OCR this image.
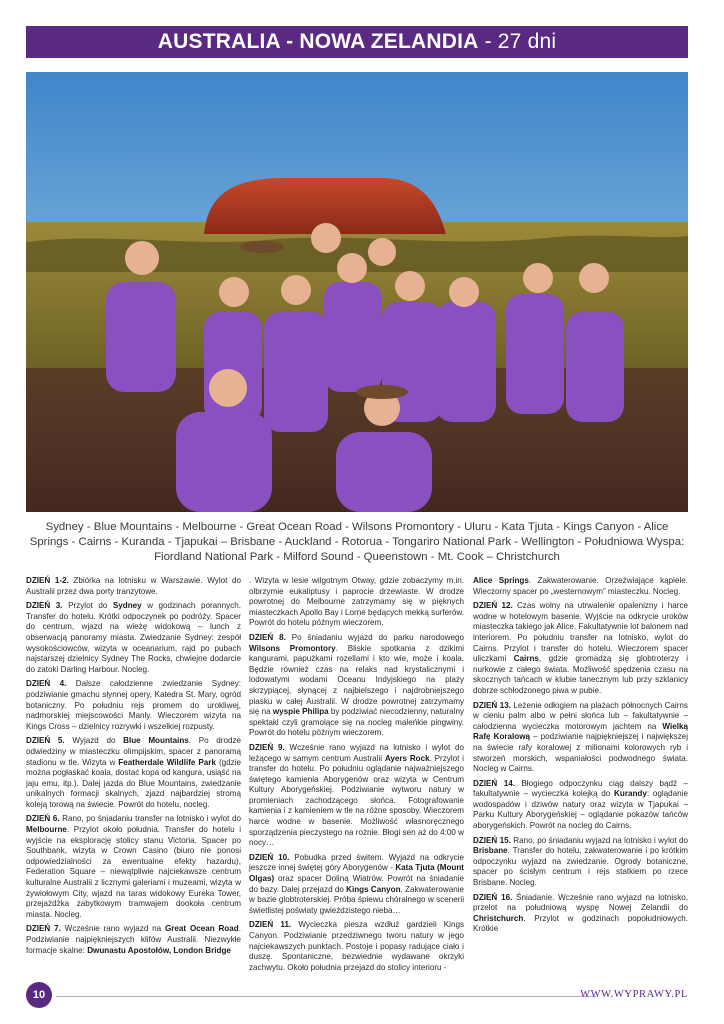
AUSTRALIA - NOWA ZELANDIA - 27 dni
Sydney - Blue Mountains - Melbourne - Great Ocean Road - Wilsons Promontory - Uluru - Kata Tjuta - Kings Canyon - Alice Springs - Cairns - Kuranda - Tjapukai – Brisbane - Auckland - Rotorua - Tongariro National Park - Wellington - Południowa Wyspa: Fiordland National Park - Milford Sound - Queenstown - Mt. Cook – Christchurch

DZIEŃ 1-2. Zbiórka na lotnisku w Warszawie. Wylot do Australii przez dwa porty tranzytowe.

DZIEŃ 3. Przylot do Sydney w godzinach porannych. Transfer do hotelu. Krótki odpoczynek po podróży. Spacer do centrum, wjazd na wieżę widokową – lunch z obserwacją panoramy miasta. Zwiedzanie Sydney: zespół wysokościowców, wizyta w oceanarium, rajd po pubach najstarszej dzielnicy Sydney The Rocks, chwiejne dodarcie do zatoki Darling Harbour. Nocleg.

DZIEŃ 4. Dalsze całodzienne zwiedzanie Sydney: podziwianie gmachu słynnej opery, Katedra St. Mary, ogród botaniczny. Po południu rejs promem do urokliwej, nadmorskiej miejscowości Manly. Wieczorem wizyta na Kings Cross – dzielnicy rozrywki i wszelkiej rozpusty.

DZIEŃ 5. Wyjazd do Blue Mountains. Po drodze odwiedziny w miasteczku olimpijskim, spacer z panoramą stadionu w tle. Wizyta w Featherdale Wildlife Park (gdzie można pogłaskać koala, dostać kopa od kangura, usiąść na jaju emu, itp.). Dalej jazda do Blue Mountains, zwiedzanie unikalnych formacji skalnych, zjazd najbardziej stromą koleją torową na świecie. Powrót do hotelu, nocleg.

DZIEŃ 6. Rano, po śniadaniu transfer na lotnisko i wylot do Melbourne. Przylot około południa. Transfer do hotelu i wyjście na eksplorację stolicy stanu Victoria. Spacer po Southbank, wizyta w Crown Casino (biuro nie ponosi odpowiedzialności za ewentualne efekty hazardu), Federation Square – niewątpliwie najciekawsze centrum kulturalne Australii z licznymi galeriami i muzeami, wizyta w żywiołowym City, wjazd na taras widokowy Eureka Tower, przejażdżka zabytkowym tramwajem dookoła centrum miasta. Nocleg.

DZIEŃ 7. Wcześnie rano wyjazd na Great Ocean Road. Podziwianie najpiękniejszych klifów Australii. Niezwykłe formacje skalne: Dwunastu Apostołów, London Bridge

. Wizyta w lesie wilgotnym Otway, gdzie zobaczymy m.in. olbrzymie eukaliptusy i paprocie drzewiaste. W drodze powrotnej do Melbourne zatrzymamy się w pięknych miasteczkach Apollo Bay i Lorne będących mekką surferów. Powrót do hotelu późnym wieczorem.

DZIEŃ 8. Po śniadaniu wyjazd do parku narodowego Wilsons Promontory. Bliskie spotkania z dzikimi kangurami, papużkami rozellami i kto wie, może i koala. Będzie również czas na relaks nad krystalicznymi i lodowatymi wodami Oceanu Indyjskiego na plaży skrzypiącej, słynącej z najbielszego i najdrobniejszego piasku w całej Australii. W drodze powrotnej zatrzymamy się na wyspie Philipa by podziwiać niecodzienny, naturalny spektakl czyli gramolące się na nocleg maleńkie pingwiny. Powrót do hotelu późnym wieczorem.

DZIEŃ 9. Wcześnie rano wyjazd na lotnisko i wylot do leżącego w samym centrum Australii Ayers Rock. Przylot i transfer do hotelu. Po południu oglądanie najważniejszego świętego kamienia Aborygenów oraz wizyta w Centrum Kultury Aborygeńskiej. Podziwianie wytworu natury w promieniach zachodzącego słońca. Fotografowanie kamienia i z kamieniem w tle na różne sposoby. Wieczorem harce wodne w basenie. Możliwość własnoręcznego sporządzenia pieczystego na rożnie. Błogi sen aż do 4:00 w nocy…

DZIEŃ 10. Pobudka przed świtem. Wyjazd na odkrycie jeszcze innej świętej góry Aborygenów - Kata Tjuta (Mount Olgas) oraz spacer Doliną Wiatrów. Powrót na śniadanie do bazy. Dalej przejazd do Kings Canyon. Zakwaterowanie w bazie globtroterskiej. Próba śpiewu chóralnego w scenerii świetlistej poświaty gwieździstego nieba…

DZIEŃ 11. Wycieczka piesza wzdłuż gardzieli Kings Canyon. Podziwianie przedziwnego tworu natury w jego najciekawszych punktach. Postoje i popasy radujące ciało i duszę. Spontaniczne, bezwiednie wydawane okrzyki zachwytu. Około południa przejazd do stolicy interioru -

Alice Springs. Zakwaterowanie. Orzeźwiające kąpiele. Wieczorny spacer po „westernowym” miasteczku. Nocleg.

DZIEŃ 12. Czas wolny na utrwalenie opalenizny i harce wodne w hotelowym basenie. Wyjście na odkrycie uroków miasteczka takiego jak Alice. Fakultatywnie lot balonem nad interiorem. Po południu transfer na lotnisko, wylot do Cairns. Przylot i transfer do hotelu. Wieczorem spacer uliczkami Cairns, gdzie gromadzą się globtroterzy i nurkowie z całego świata. Możliwość spędzenia czasu na skocznych tańcach w klubie tanecznym lub przy szklanicy dobrze schłodzonego piwa w pubie.

DZIEŃ 13. Leżenie odłogiem na plażach północnych Cairns w cieniu palm albo w pełni słońca lub – fakultatywnie – całodzienna wycieczka motorowym jachtem na Wielką Rafę Koralową – podziwianie najpiękniejszej i największej na świecie rafy koralowej z milionami kolorowych ryb i stworzeń morskich, wspaniałości podwodnego świata. Nocleg w Cairns.

DZIEŃ 14. Błogiego odpoczynku ciąg dalszy bądź – fakultatywnie – wycieczka kolejką do Kurandy: oglądanie wodospadów i dziwów natury oraz wizyta w Tjapukai – Parku Kultury Aborygeńskiej – oglądanie pokazów tańców aborygeńskich. Powrót na nocleg do Cairns.

DZIEŃ 15. Rano, po śniadaniu wyjazd na lotnisko i wylot do Brisbane. Transfer do hotelu, zakwaterowanie i po krótkim odpoczynku wyjazd na zwiedzanie. Ogrody botaniczne, spacer po ścisłym centrum i rejs statkiem po rzece Brisbane. Nocleg.

DZIEŃ 16. Śniadanie. Wcześnie rano wyjazd na lotnisko, przelot na południową wyspę Nowej Zelandii do Christchurch. Przylot w godzinach popołudniowych. Krótkie

10	WWW.WYPRAWY.PL
